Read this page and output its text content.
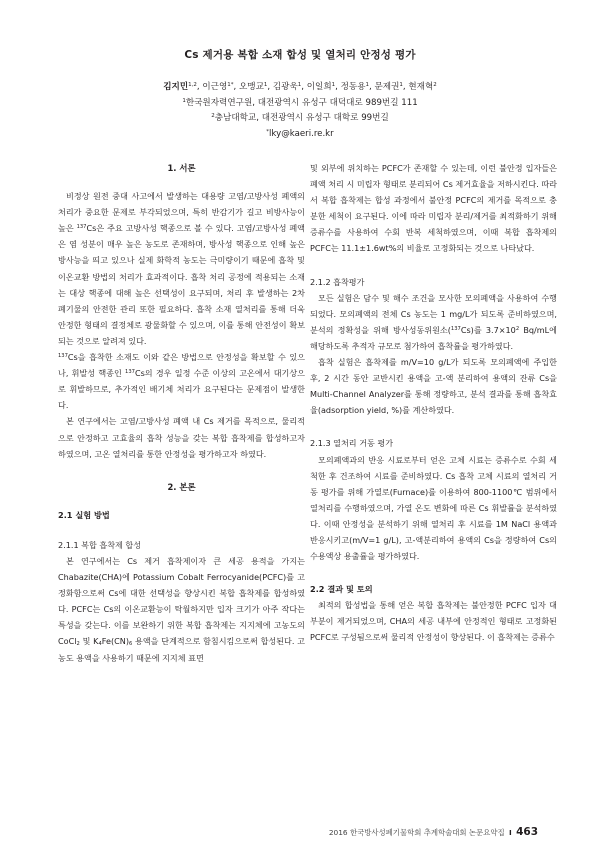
Cs 제거용 복합 소재 합성 및 열처리 안정성 평가
김지민$^{1,2}$, 이근영$^{1*}$, 오맹교$^1$, 김광욱$^1$, 이일희$^1$, 정동용$^1$, 문제권$^1$, 현재혁$^2$
$^1$한국원자력연구원, 대전광역시 유성구 대덕대로 989번길 111
$^2$충남대학교, 대전광역시 유성구 대학로 99번길
*lky@kaeri.re.kr
1. 서론

비정상 원전 중대 사고에서 발생하는 대용량 고염/고방사성 폐액의 처리가 중요한 문제로 부각되었으며, 특히 반감기가 길고 비방사능이 높은 $^{137}$Cs은 주요 고방사성 핵종으로 볼 수 있다. 고염/고방사성 폐액은 염 성분이 매우 높은 농도로 존재하며, 방사성 핵종으로 인해 높은 방사능을 띄고 있으나 실제 화학적 농도는 극미량이기 때문에 흡착 및 이온교환 방법의 처리가 효과적이다. 흡착 처리 공정에 적용되는 소재는 대상 핵종에 대해 높은 선택성이 요구되며, 처리 후 발생하는 2차 폐기물의 안전한 관리 또한 필요하다. 흡착 소재 열처리를 통해 더욱 안정한 형태의 결정체로 광물화할 수 있으며, 이를 통해 안전성이 확보되는 것으로 알려져 있다.

$^{137}$Cs을 흡착한 소재도 이와 같은 방법으로 안정성을 확보할 수 있으나, 휘발성 핵종인 $^{137}$Cs의 경우 일정 수준 이상의 고온에서 대기상으로 휘발하므로, 추가적인 배기체 처리가 요구된다는 문제점이 발생한다.

본 연구에서는 고염/고방사성 폐액 내 Cs 제거를 목적으로, 물리적으로 안정하고 고효율의 흡착 성능을 갖는 복합 흡착제를 합성하고자 하였으며, 고온 열처리를 통한 안정성을 평가하고자 하였다.

2. 본론
2.1 실험 방법
2.1.1 복합 흡착제 합성

본 연구에서는 Cs 제거 흡착제이자 큰 세공 용적을 가지는 Chabazite(CHA)에 Potassium Cobalt Ferrocyanide(PCFC)를 고정화함으로써 Cs에 대한 선택성을 향상시킨 복합 흡착제를 합성하였다. PCFC는 Cs의 이온교환능이 탁월하지만 입자 크기가 아주 작다는 특성을 갖는다. 이를 보완하기 위한 복합 흡착제는 지지체에 고농도의 CoCl$_2$ 및 $K_4Fe(CN)_6$ 용액을 단계적으로 함침시킴으로써 합성된다. 고농도 용액을 사용하기 때문에 지지체 표면

및 외부에 위치하는 PCFC가 존재할 수 있는데, 이런 불안정 입자들은 폐액 처리 시 미립자 형태로 분리되어 Cs 제거효율을 저하시킨다. 따라서 복합 흡착제는 합성 과정에서 불안정 PCFC의 제거를 목적으로 충분한 세척이 요구된다. 이에 따라 미립자 분리/제거를 최적화하기 위해 증류수를 사용하여 수회 반복 세척하였으며, 이때 복합 흡착제의 PCFC는 11.1±1.6wt%의 비율로 고정화되는 것으로 나타났다.

2.1.2 흡착평가

모든 실험은 담수 및 해수 조건을 모사한 모의폐액을 사용하여 수행되었다. 모의폐액의 전체 Cs 농도는 1 mg/L가 되도록 준비하였으며, 분석의 정확성을 위해 방사성동위원소($^{137}$Cs)를 $3.7\times 10^2$ Bq/mL에 해당하도록 추적자 규모로 첨가하여 흡착률을 평가하였다.

흡착 실험은 흡착제를 m/V=10 g/L가 되도록 모의폐액에 주입한 후, 2 시간 동안 교반시킨 용액을 고-액 분리하여 용액의 잔류 Cs을 Multi-Channel Analyzer를 통해 정량하고, 분석 결과를 통해 흡착효율(adsorption yield, %)를 계산하였다.

2.1.3 열처리 거동 평가

모의폐액과의 반응 시료로부터 얻은 고체 시료는 증류수로 수회 세척한 후 건조하여 시료를 준비하였다. Cs 흡착 고체 시료의 열처리 거동 평가를 위해 가열로(Furnace)를 이용하여 800-1100℃ 범위에서 열처리를 수행하였으며, 가열 온도 변화에 따른 Cs 휘발률을 분석하였다. 이때 안정성을 분석하기 위해 열처리 후 시료를 1M NaCl 용액과 반응시키고(m/V=1 g/L), 고-액분리하여 용액의 Cs을 정량하여 Cs의 수용액상 용출률을 평가하였다.

2.2 결과 및 토의

최적의 합성법을 통해 얻은 복합 흡착제는 불안정한 PCFC 입자 대부분이 제거되었으며, CHA의 세공 내부에 안정적인 형태로 고정화된 PCFC로 구성됨으로써 물리적 안정성이 향상된다. 이 흡착제는 증류수

2016 한국방사성폐기물학회 추계학술대회 논문요약집 I 463
